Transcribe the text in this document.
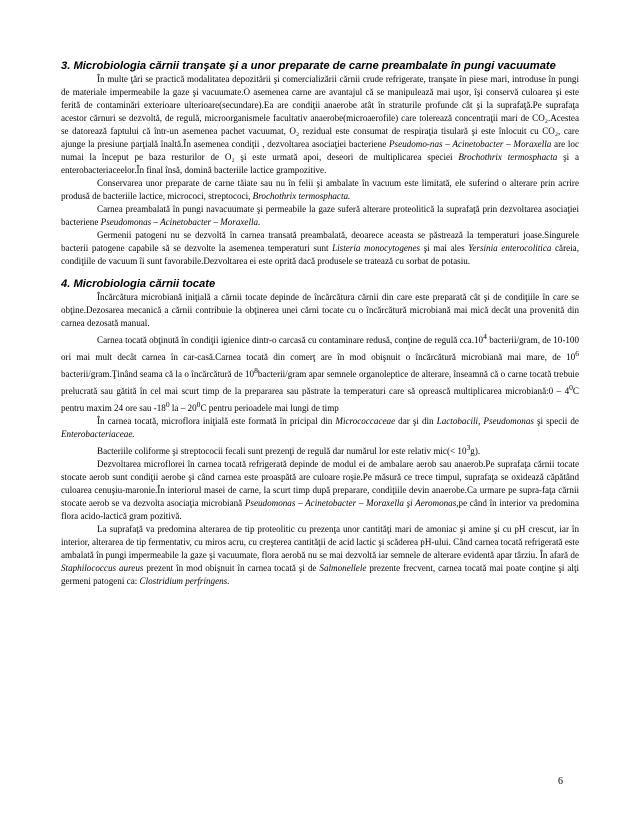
3. Microbiologia cărnii tranşate şi a unor preparate de carne preambalate în pungi vacuumate

În multe ţări se practică modalitatea depozitării şi comercializării cărnii crude refrigerate, tranşate în piese mari, introduse în pungi de materiale impermeabile la gaze şi vacuumate.O asemenea carne are avantajul că se manipulează mai uşor, îşi conservă culoarea şi este ferită de contaminări exterioare ulterioare(secundare).Ea are condiţii anaerobe atât în straturile profunde cât şi la suprafaţă.Pe suprafaţa acestor cărnuri se dezvoltă, de regulă, microorganismele facultativ anaerobe(microaerofile) care tolerează concentraţii mari de CO₂.Acestea se datorează faptului că într-un asemenea pachet vacuumat, O₂ rezidual este consumat de respiraţia tisulară şi este înlocuit cu CO₂, care ajunge la presiune parţială înaltă.În asemenea condiţii , dezvoltarea asociaţiei bacteriene Pseudomo-nas – Acinetobacter – Moraxella are loc numai la început pe baza resturilor de O₂ şi este urmată apoi, deseori de multiplicarea speciei Brochothrix termosphacta şi a enterobacteriaceelor.În final însă, domină bacteriile lactice grampozitive.

Conservarea unor preparate de carne tăiate sau nu în felii şi ambalate în vacuum este limitată, ele suferind o alterare prin acrire produsă de bacteriile lactice, micrococi, streptococi, Brochothrix termosphacta.

Carnea preambalată în pungi navacuumate şi permeabile la gaze suferă alterare proteolitică la suprafaţă prin dezvoltarea asociaţiei bacteriene Pseudomonas – Acinetobacter – Moraxella.

Germenii patogeni nu se dezvoltă în carnea transată preambalată, deoarece aceasta se păstrează la temperaturi joase.Singurele bacterii patogene capabile să se dezvolte la asemenea temperaturi sunt Listeria monocytogenes şi mai ales Yersinia enterocolitica căreia, condiţiile de vacuum îi sunt favorabile.Dezvoltarea ei este oprită dacă produsele se tratează cu sorbat de potasiu.

4. Microbiologia cărnii tocate

Încărcătura microbiană iniţială a cărnii tocate depinde de încărcătura cărnii din care este preparată cât şi de condiţiile în care se obţine.Dezosarea mecanică a cărnii contribuie la obţinerea unei cărni tocate cu o încărcătură microbiană mai mică decât una provenită din carnea dezosată manual.

Carnea tocată obţinută în condiţii igienice dintr-o carcasă cu contaminare redusă, conţine de regulă $cca.10^4$ bacterii/gram, de 10-100 ori mai mult decât carnea în car-casă.Carnea tocată din comerţ are în mod obişnuit o încărcătură microbiană mai mare, de $10^6$ bacterii/gram.Ţinând seama că la o încărcătură de $10^8bacterii$/gram apar semnele organoleptice de alterare, înseamnă că o carne tocată trebuie prelucrată sau gătită în cel mai scurt timp de la prepararea sau păstrate la temperaturi care să oprească multiplicarea microbiană:0 – $4^0C$ pentru maxim 24 ore sau $-18^0$ la – $20^0C$ pentru perioadele mai lungi de timp

În carnea tocată, microflora iniţială este formată în pricipal din Micrococcaceae dar şi din Lactobacili, Pseudomonas şi specii de Enterobacteriaceae.

Bacteriile coliforme şi streptococii fecali sunt prezenţi de regulă dar numărul lor este relativ $mic(< 10^3g)$.

Dezvoltarea microflorei în carnea tocată refrigerată depinde de modul ei de ambalare aerob sau anaerob.Pe suprafaţa cărnii tocate stocate aerob sunt condiţii aerobe şi când carnea este proaspătă are culoare roşie.Pe măsură ce trece timpul, suprafaţa se oxidează căpătând culoarea cenuşiu-maronie.În interiorul masei de carne, la scurt timp după preparare, condiţiile devin anaerobe.Ca urmare pe supra-faţa cărnii stocate aerob se va dezvolta asociaţia microbiană Pseudomonas – Acinetobacter – Moraxella şi Aeromonas,pe când în interior va predomina flora acido-lactică gram pozitivă.

La suprafaţă va predomina alterarea de tip proteolitic cu prezenţa unor cantităţi mari de amoniac şi amine şi cu pH crescut, iar în interior, alterarea de tip fermentativ, cu miros acru, cu creşterea cantităţii de acid lactic şi scăderea pH-ului. Când carnea tocată refrigerată este ambalată în pungi impermeabile la gaze şi vacuumate, flora aerobă nu se mai dezvoltă iar semnele de alterare evidentă apar târziu. În afară de Staphilococcus aureus prezent în mod obişnuit în carnea tocată şi de Salmonellele prezente frecvent, carnea tocată mai poate conţine şi alţi germeni patogeni ca: Clostridium perfringens.

6
